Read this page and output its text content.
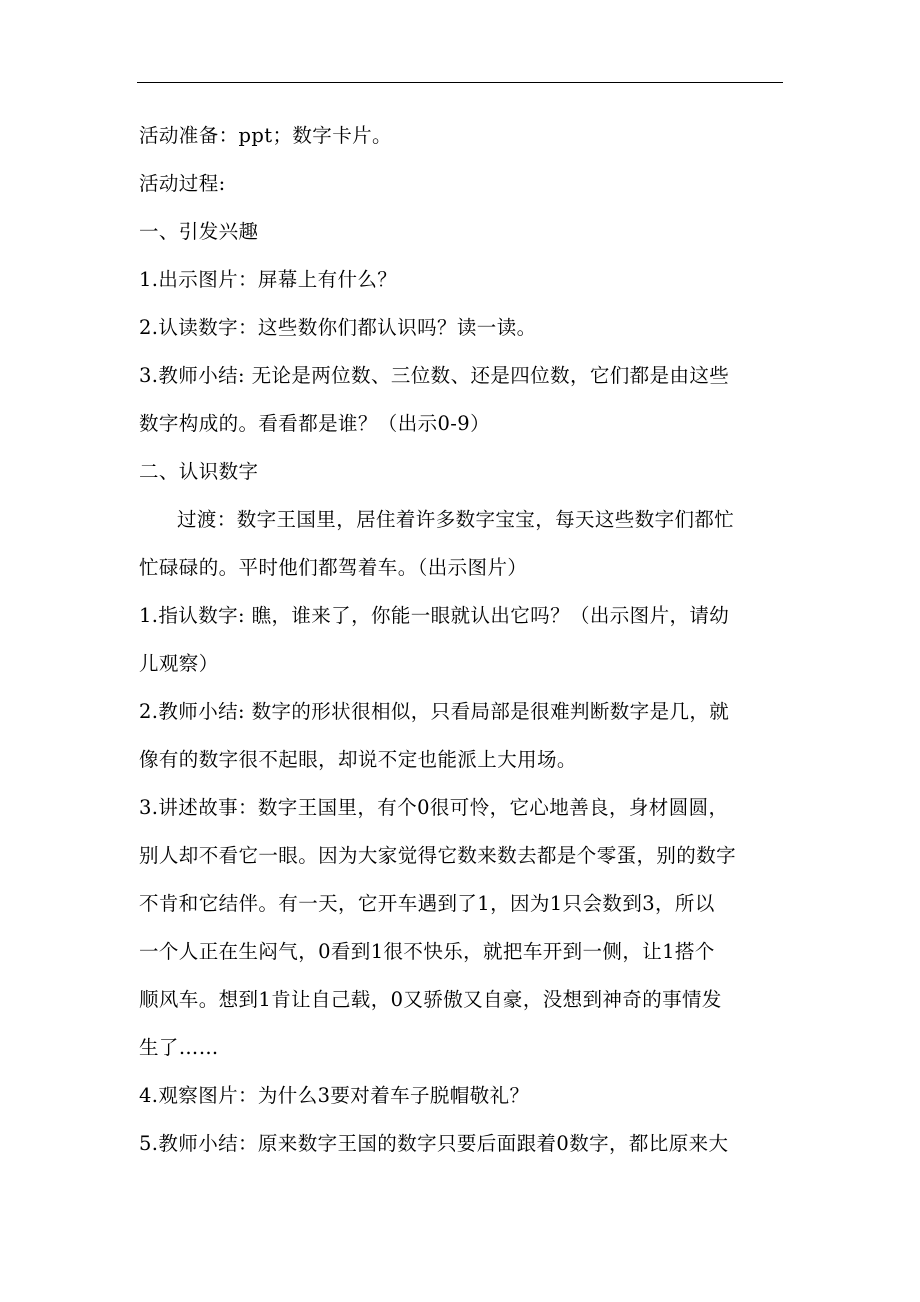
活动准备：ppt；数字卡片。
活动过程:
一、引发兴趣
1.出示图片：屏幕上有什么？
2.认读数字：这些数你们都认识吗？读一读。
3.教师小结: 无论是两位数、三位数、还是四位数，它们都是由这些
数字构成的。看看都是谁？（出示0-9）
二、认识数字
过渡：数字王国里，居住着许多数字宝宝，每天这些数字们都忙
忙碌碌的。平时他们都驾着车。（出示图片）
1.指认数字: 瞧，谁来了，你能一眼就认出它吗？（出示图片，请幼
儿观察）
2.教师小结: 数字的形状很相似，只看局部是很难判断数字是几，就
像有的数字很不起眼，却说不定也能派上大用场。
3.讲述故事：数字王国里，有个0很可怜，它心地善良，身材圆圆，
别人却不看它一眼。因为大家觉得它数来数去都是个零蛋，别的数字
不肯和它结伴。有一天，它开车遇到了1，因为1只会数到3，所以
一个人正在生闷气，0看到1很不快乐，就把车开到一侧，让1搭个
顺风车。想到1肯让自己载，0又骄傲又自豪，没想到神奇的事情发
生了……
4.观察图片：为什么3要对着车子脱帽敬礼？
5.教师小结：原来数字王国的数字只要后面跟着0数字，都比原来大
